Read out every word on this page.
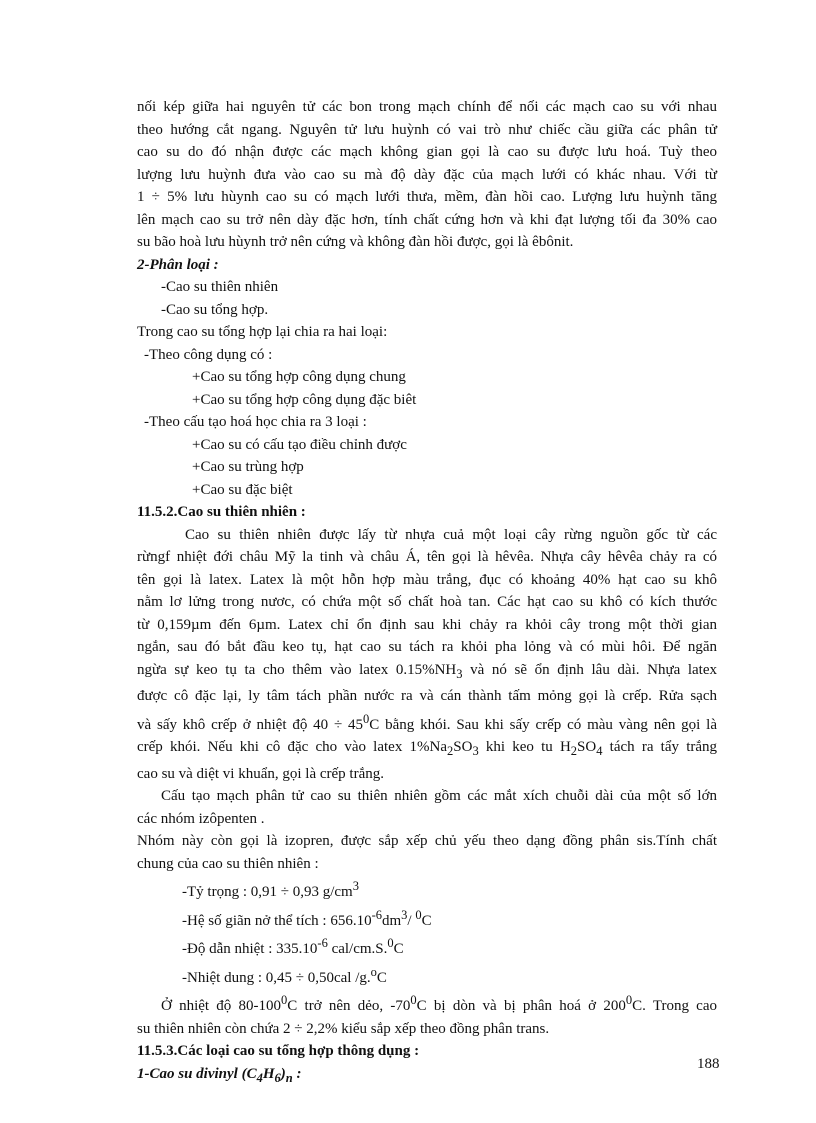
nối kép giữa hai nguyên tử các bon trong mạch chính để nối các mạch cao su với nhau
theo hướng cắt ngang. Nguyên tử lưu huỳnh có vai trò như chiếc cầu giữa các phân tử
cao su do đó nhận được các mạch không gian gọi là cao su được lưu hoá. Tuỳ theo
lượng lưu huỳnh đưa vào cao su mà độ dày đặc của mạch lưới có khác nhau. Với từ
1 ÷ 5% lưu hùynh cao su có mạch lưới thưa, mềm, đàn hồi cao. Lượng lưu huỳnh tăng
lên mạch cao su trở nên dày đặc hơn, tính chất cứng hơn và khi đạt lượng tối đa 30% cao
su bão hoà lưu hùynh trở nên cứng và không đàn hồi được, gọi là êbônit.

2-Phân loại :

-Cao su thiên nhiên

-Cao su tổng hợp.

Trong cao su tổng hợp lại chia ra hai loại:

-Theo công dụng có :

+Cao su tổng hợp công dụng chung

+Cao su tổng hợp công dụng đặc biêt

-Theo cấu tạo hoá học chia ra 3 loại :

+Cao su có cấu tạo điều chỉnh được

+Cao su trùng hợp

+Cao su đặc biệt

11.5.2.Cao su thiên nhiên :

Cao su thiên nhiên được lấy từ nhựa cuả một loại cây rừng nguồn gốc từ các
rừngf nhiệt đới châu Mỹ la tinh và châu Á, tên gọi là hêvêa. Nhựa cây hêvêa chảy ra có
tên gọi là latex. Latex là một hỗn hợp màu trắng, đục có khoảng 40% hạt cao su khô
nằm lơ lửng trong nươc, có chứa một số chất hoà tan. Các hạt cao su khô có kích thước
từ 0,159µm đến 6µm. Latex chỉ ổn định sau khi chảy ra khỏi cây trong một thời gian
ngắn, sau đó bắt đầu keo tụ, hạt cao su tách ra khỏi pha lỏng và có mùi hôi. Để ngăn
ngừa sự keo tụ ta cho thêm vào latex $0.15\%NH_3$ và nó sẽ ổn định lâu dài. Nhựa latex
được cô đặc lại, ly tâm tách phần nước ra và cán thành tấm mỏng gọi là crếp. Rửa sạch
và sấy khô crếp ở nhiệt độ $40 \div 45^0C$ bằng khói. Sau khi sấy crếp có màu vàng nên gọi là
crếp khói. Nếu khi cô đặc cho vào latex $1\%Na_2SO_3$ khi keo tu $H_2SO_4$ tách ra tẩy trắng
cao su và diệt vi khuẩn, gọi là crếp trắng.

Cấu tạo mạch phân tử cao su thiên nhiên gồm các mắt xích chuỗi dài của một số lớn
các nhóm izôpenten .

Nhóm này còn gọi là izopren, được sắp xếp chủ yếu theo dạng đồng phân sis.Tính chất
chung của cao su thiên nhiên :

-Tỷ trọng : 0,91 ÷ 0,93 $g/cm^3$

-Hệ số giãn nở thể tích : $656.10^{-6}dm^3/$ $^0$C

-Độ dẫn nhiệt : $335.10^{-6}$ cal/cm.S.$^0$C

-Nhiệt dung : 0,45 ÷ 0,50cal /g.$^o$C

Ở nhiệt độ $80-100^0C$ trở nên dẻo, $-70^0C$ bị dòn và bị phân hoá ở $200^0C$. Trong cao
su thiên nhiên còn chứa 2 ÷ 2,2% kiểu sắp xếp theo đồng phân trans.

11.5.3.Các loại cao su tổng hợp thông dụng :

1-Cao su divinyl $(C_4H_6)_n$ :

188
